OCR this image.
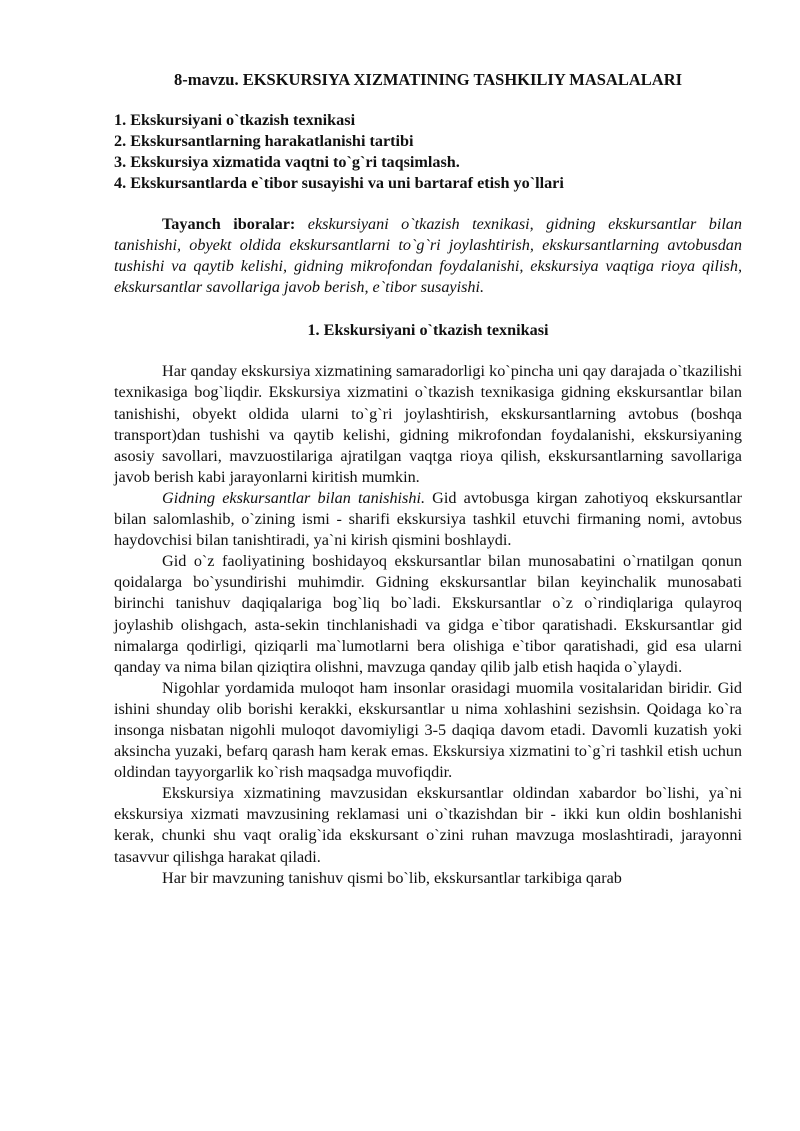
8-mavzu. EKSKURSIYA XIZMATINING TASHKILIY MASALALARI
1. Ekskursiyani o`tkazish texnikasi
2. Ekskursantlarning harakatlanishi tartibi
3. Ekskursiya xizmatida vaqtni to`g`ri taqsimlash.
4. Ekskursantlarda e`tibor susayishi va uni bartaraf etish yo`llari

Tayanch iboralar: ekskursiyani o`tkazish texnikasi, gidning ekskursantlar bilan tanishishi, obyekt oldida ekskursantlarni to`g`ri joylashtirish, ekskursantlarning avtobusdan tushishi va qaytib kelishi, gidning mikrofondan foydalanishi, ekskursiya vaqtiga rioya qilish, ekskursantlar savollariga javob berish, e`tibor susayishi.

1. Ekskursiyani o`tkazish texnikasi

Har qanday ekskursiya xizmatining samaradorligi ko`pincha uni qay darajada o`tkazilishi texnikasiga bog`liqdir. Ekskursiya xizmatini o`tkazish texnikasiga gidning ekskursantlar bilan tanishishi, obyekt oldida ularni to`g`ri joylashtirish, ekskursantlarning avtobus (boshqa transport)dan tushishi va qaytib kelishi, gidning mikrofondan foydalanishi, ekskursiyaning asosiy savollari, mavzuostilariga ajratilgan vaqtga rioya qilish, ekskursantlarning savollariga javob berish kabi jarayonlarni kiritish mumkin.

Gidning ekskursantlar bilan tanishishi. Gid avtobusga kirgan zahotiyoq ekskursantlar bilan salomlashib, o`zining ismi - sharifi ekskursiya tashkil etuvchi firmaning nomi, avtobus haydovchisi bilan tanishtiradi, ya`ni kirish qismini boshlaydi.

Gid o`z faoliyatining boshidayoq ekskursantlar bilan munosabatini o`rnatilgan qonun qoidalarga bo`ysundirishi muhimdir. Gidning ekskursantlar bilan keyinchalik munosabati birinchi tanishuv daqiqalariga bog`liq bo`ladi. Ekskursantlar o`z o`rindiqlariga qulayroq joylashib olishgach, asta-sekin tinchlanishadi va gidga e`tibor qaratishadi. Ekskursantlar gid nimalarga qodirligi, qiziqarli ma`lumotlarni bera olishiga e`tibor qaratishadi, gid esa ularni qanday va nima bilan qiziqtira olishni, mavzuga qanday qilib jalb etish haqida o`ylaydi.

Nigohlar yordamida muloqot ham insonlar orasidagi muomila vositalaridan biridir. Gid ishini shunday olib borishi kerakki, ekskursantlar u nima xohlashini sezishsin. Qoidaga ko`ra insonga nisbatan nigohli muloqot davomiyligi 3-5 daqiqa davom etadi. Davomli kuzatish yoki aksincha yuzaki, befarq qarash ham kerak emas. Ekskursiya xizmatini to`g`ri tashkil etish uchun oldindan tayyorgarlik ko`rish maqsadga muvofiqdir.

Ekskursiya xizmatining mavzusidan ekskursantlar oldindan xabardor bo`lishi, ya`ni ekskursiya xizmati mavzusining reklamasi uni o`tkazishdan bir - ikki kun oldin boshlanishi kerak, chunki shu vaqt oralig`ida ekskursant o`zini ruhan mavzuga moslashtiradi, jarayonni tasavvur qilishga harakat qiladi.

Har bir mavzuning tanishuv qismi bo`lib, ekskursantlar tarkibiga qarab
